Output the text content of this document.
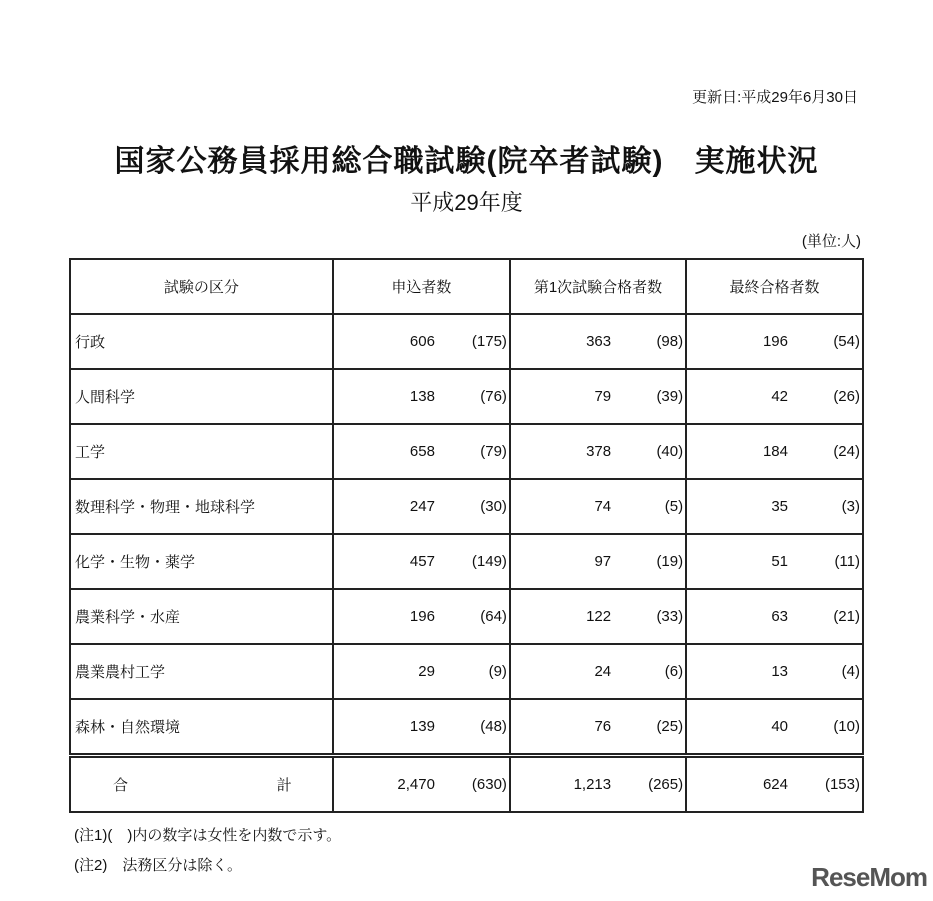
更新日:平成29年6月30日
国家公務員採用総合職試験(院卒者試験)　実施状況
平成29年度
(単位:人)
試験の区分	申込者数	第1次試験合格者数	最終合格者数
行政	606 (175)	363 (98)	196 (54)

人間科学	138 (76)	79 (39)	42 (26)

工学	658 (79)	378 (40)	184 (24)

数理科学・物理・地球科学	247 (30)	74 (5)	35 (3)

化学・生物・薬学	457 (149)	97 (19)	51 (11)

農業科学・水産	196 (64)	122 (33)	63 (21)

農業農村工学	29 (9)	24 (6)	13 (4)

森林・自然環境	139 (48)	76 (25)	40 (10)

合 計	2,470 (630)	1,213 (265)	624 (153)
(注1)(　)内の数字は女性を内数で示す。
(注2)　法務区分は除く。	ReseMom
